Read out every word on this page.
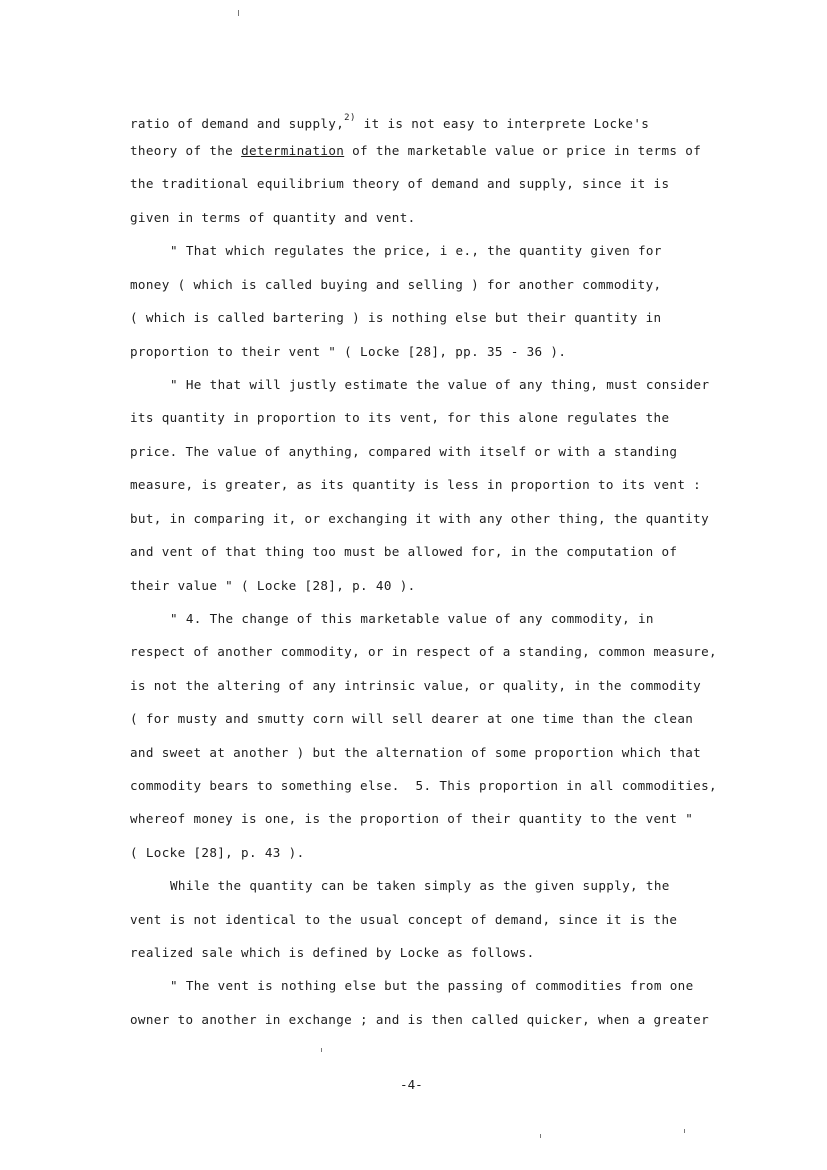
ratio of demand and supply,$^{2)}$ it is not easy to interprete Locke's
theory of the determination of the marketable value or price in terms of
the traditional equilibrium theory of demand and supply, since it is
given in terms of quantity and vent.
" That which regulates the price, i e., the quantity given for
money ( which is called buying and selling ) for another commodity,
( which is called bartering ) is nothing else but their quantity in
proportion to their vent " ( Locke [28], pp. 35 - 36 ).
" He that will justly estimate the value of any thing, must consider
its quantity in proportion to its vent, for this alone regulates the
price. The value of anything, compared with itself or with a standing
measure, is greater, as its quantity is less in proportion to its vent :
but, in comparing it, or exchanging it with any other thing, the quantity
and vent of that thing too must be allowed for, in the computation of
their value " ( Locke [28], p. 40 ).
" 4. The change of this marketable value of any commodity, in
respect of another commodity, or in respect of a standing, common measure,
is not the altering of any intrinsic value, or quality, in the commodity
( for musty and smutty corn will sell dearer at one time than the clean
and sweet at another ) but the alternation of some proportion which that
commodity bears to something else.  5. This proportion in all commodities,
whereof money is one, is the proportion of their quantity to the vent "
( Locke [28], p. 43 ).
While the quantity can be taken simply as the given supply, the
vent is not identical to the usual concept of demand, since it is the
realized sale which is defined by Locke as follows.
" The vent is nothing else but the passing of commodities from one
owner to another in exchange ; and is then called quicker, when a greater
-4-
